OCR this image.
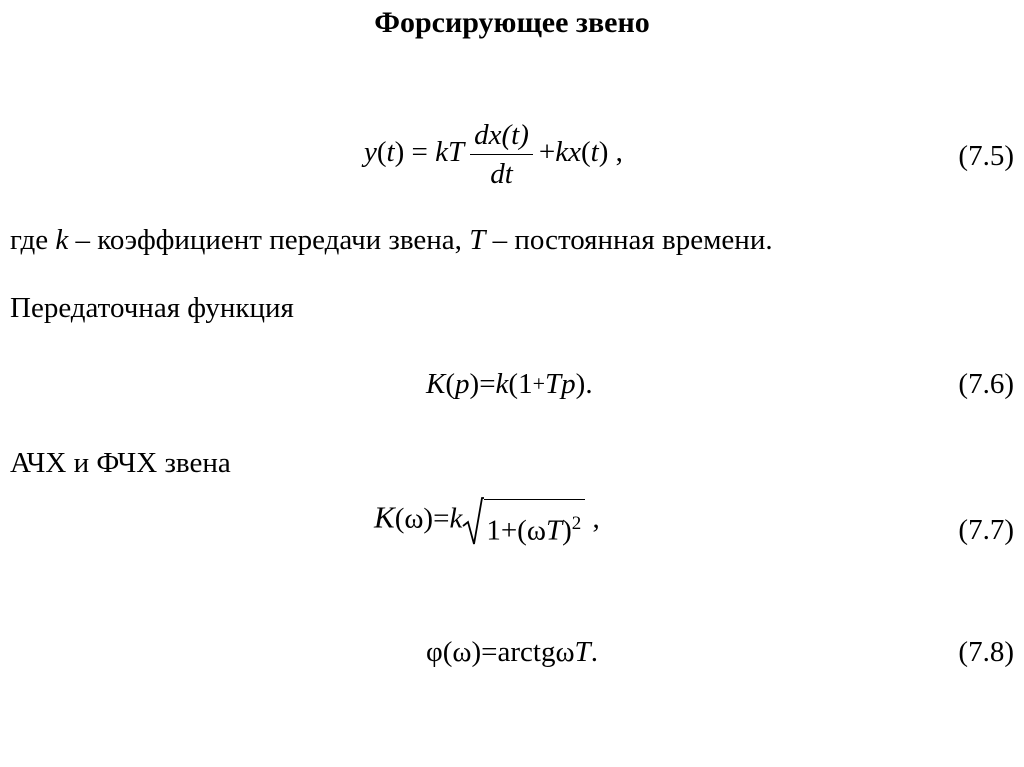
Форсирующее звено
y(t) = kT $\frac{dx(t)}{dt} +kx(t)$ ,	(7.5)
где k – коэффициент передачи звена, T – постоянная времени.
Передаточная функция
K(p)=k(1+Tp).	(7.6)
АЧХ и ФЧХ звена
K(ω)=k $1+(\omega T)^2$ ,	(7.7)
φ(ω)=arctgωT.	(7.8)
